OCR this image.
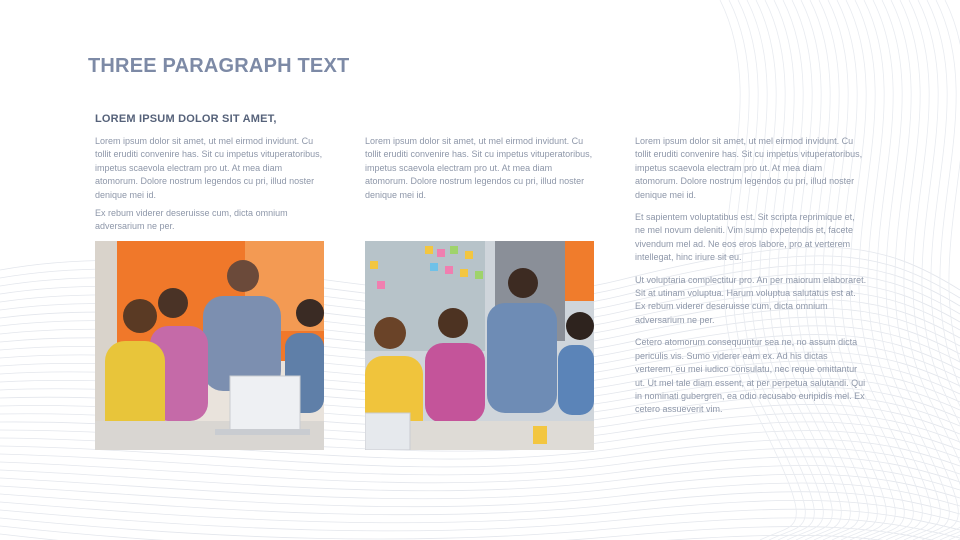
THREE PARAGRAPH TEXT
LOREM IPSUM DOLOR SIT AMET,

Lorem ipsum dolor sit amet, ut mel eirmod invidunt. Cu tollit eruditi convenire has. Sit cu impetus vituperatoribus, impetus scaevola electram pro ut. At mea diam atomorum. Dolore nostrum legendos cu pri, illud noster denique mei id.

Ex rebum viderer deseruisse cum, dicta omnium adversarium ne per.

Lorem ipsum dolor sit amet, ut mel eirmod invidunt. Cu tollit eruditi convenire has. Sit cu impetus vituperatoribus, impetus scaevola electram pro ut. At mea diam atomorum. Dolore nostrum legendos cu pri, illud noster denique mei id.

Lorem ipsum dolor sit amet, ut mel eirmod invidunt. Cu tollit eruditi convenire has. Sit cu impetus vituperatoribus, impetus scaevola electram pro ut. At mea diam atomorum. Dolore nostrum legendos cu pri, illud noster denique mei id.

Et sapientem voluptatibus est. Sit scripta reprimique et, ne mel novum deleniti. Vim sumo expetendis et, facete vivendum mel ad. Ne eos eros labore, pro at verterem intellegat, hinc iriure sit eu.

Ut voluptaria complectitur pro. An per maiorum elaboraret. Sit at utinam voluptua. Harum voluptua salutatus est at. Ex rebum viderer deseruisse cum, dicta omnium adversarium ne per.

Cetero atomorum consequuntur sea ne, no assum dicta periculis vis. Sumo viderer eam ex. Ad his dictas verterem, eu mei iudico consulatu, nec reque omittantur ut. Ut mel tale diam essent, at per perpetua salutandi. Qui in nominati gubergren, ea odio recusabo euripidis mel. Ex cetero assueverit vim.
